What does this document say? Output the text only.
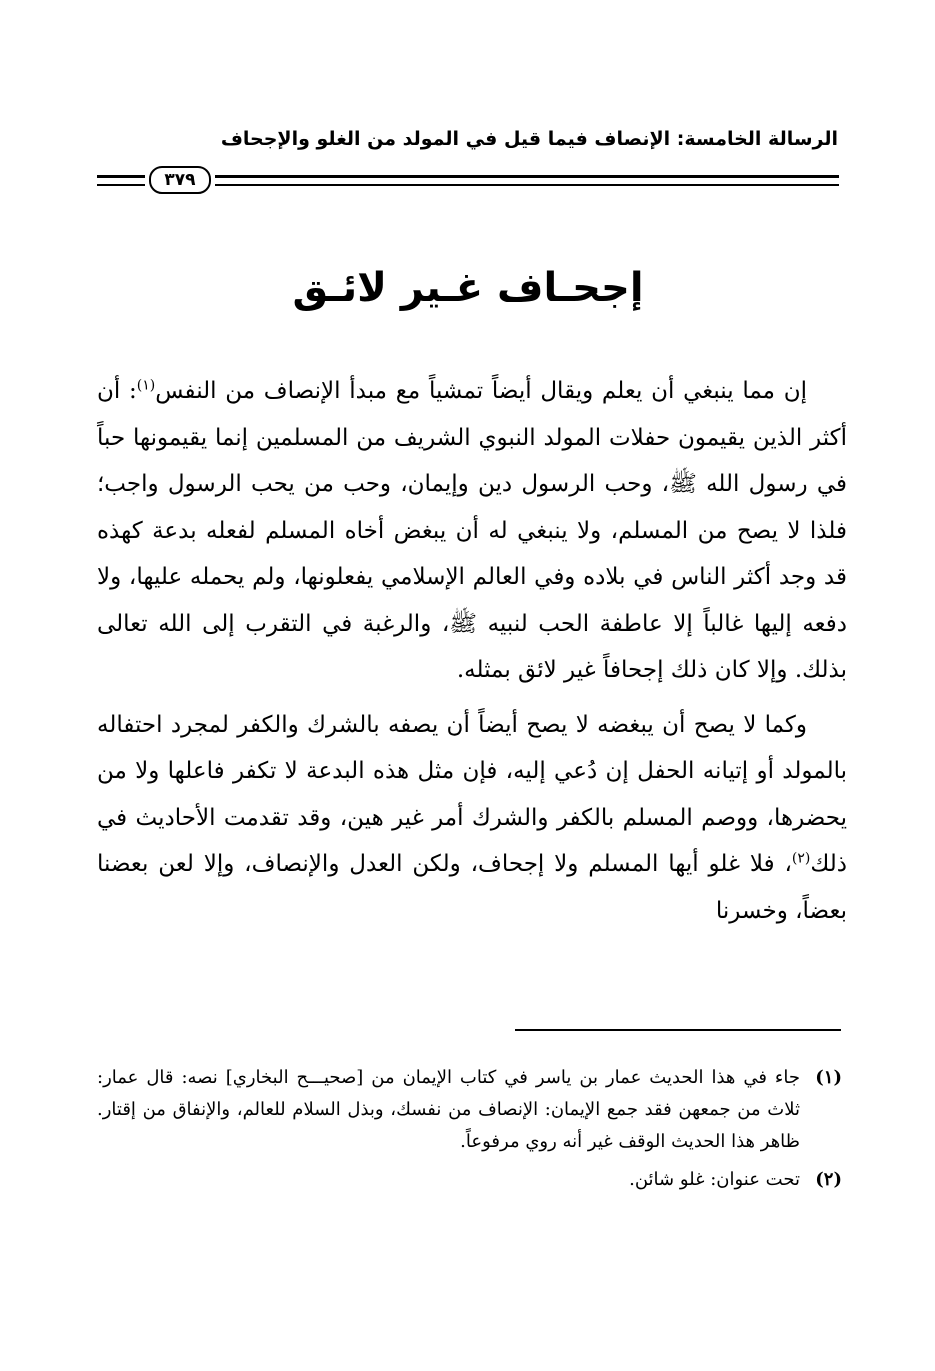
الرسالة الخامسة: الإنصاف فيما قيل في المولد من الغلو والإجحاف
٣٧٩
إجحـاف غـير لائـق

إن مما ينبغي أن يعلم ويقال أيضاً تمشياً مع مبدأ الإنصاف من النفس$^{(١)}$: أن أكثر الذين يقيمون حفلات المولد النبوي الشريف من المسلمين إنما يقيمونها حباً في رسول الله ﷺ، وحب الرسول دين وإيمان، وحب من يحب الرسول واجب؛ فلذا لا يصح من المسلم، ولا ينبغي له أن يبغض أخاه المسلم لفعله بدعة كهذه قد وجد أكثر الناس في بلاده وفي العالم الإسلامي يفعلونها، ولم يحمله عليها، ولا دفعه إليها غالباً إلا عاطفة الحب لنبيه ﷺ، والرغبة في التقرب إلى الله تعالى بذلك. وإلا كان ذلك إجحافاً غير لائق بمثله.

وكما لا يصح أن يبغضه لا يصح أيضاً أن يصفه بالشرك والكفر لمجرد احتفاله بالمولد أو إتيانه الحفل إن دُعي إليه، فإن مثل هذه البدعة لا تكفر فاعلها ولا من يحضرها، ووصم المسلم بالكفر والشرك أمر غير هين، وقد تقدمت الأحاديث في ذلك$^{(٢)}$، فلا غلو أيها المسلم ولا إجحاف، ولكن العدل والإنصاف، وإلا لعن بعضنا بعضاً، وخسرنا

(١)
جاء في هذا الحديث عمار بن ياسر في كتاب الإيمان من [صحيـــح البخاري] نصه: قال عمار: ثلاث من جمعهن فقد جمع الإيمان: الإنصاف من نفسك، وبذل السلام للعالم، والإنفاق من إقتار. ظاهر هذا الحديث الوقف غير أنه روي مرفوعاً.
(٢)
تحت عنوان: غلو شائن.
